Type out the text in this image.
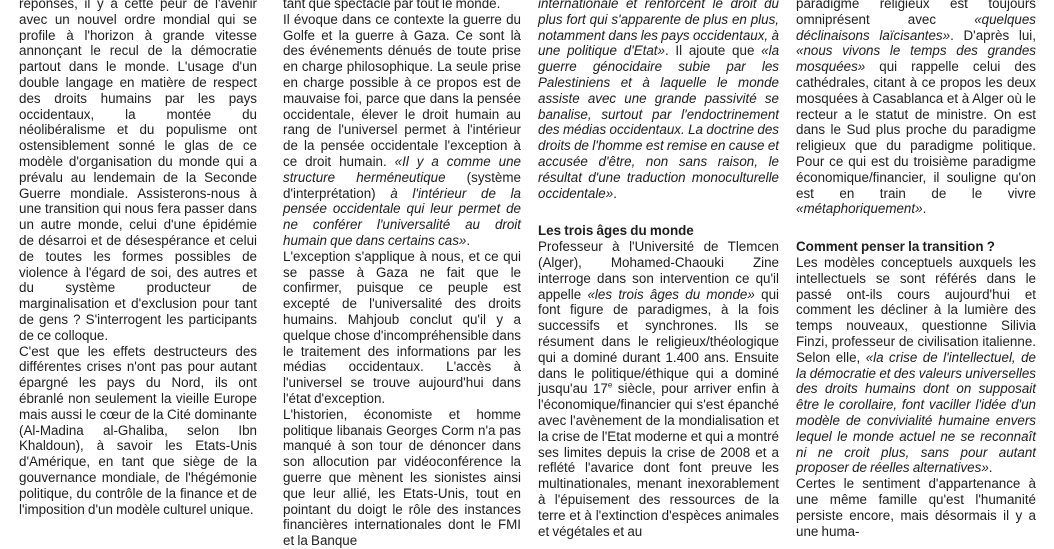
réponses, il y a cette peur de l'avenir avec un nouvel ordre mondial qui se profile à l'horizon à grande vitesse annonçant le recul de la démocratie partout dans le monde. L'usage d'un double langage en matière de respect des droits humains par les pays occidentaux, la montée du néolibéralisme et du populisme ont ostensiblement sonné le glas de ce modèle d'organisation du monde qui a prévalu au lendemain de la Seconde Guerre mondiale. Assisterons-nous à une transition qui nous fera passer dans un autre monde, celui d'une épidémie de désarroi et de désespérance et celui de toutes les formes possibles de violence à l'égard de soi, des autres et du système producteur de marginalisation et d'exclusion pour tant de gens ? S'interrogent les participants de ce colloque.

C'est que les effets destructeurs des différentes crises n'ont pas pour autant épargné les pays du Nord, ils ont ébranlé non seulement la vieille Europe mais aussi le cœur de la Cité dominante (Al-Madina al-Ghaliba, selon Ibn Khaldoun), à savoir les Etats-Unis d'Amérique, en tant que siège de la gouvernance mondiale, de l'hégémonie politique, du contrôle de la finance et de l'imposition d'un modèle culturel unique.

tant que spectacle par tout le monde.

Il évoque dans ce contexte la guerre du Golfe et la guerre à Gaza. Ce sont là des événements dénués de toute prise en charge philosophique. La seule prise en charge possible à ce propos est de mauvaise foi, parce que dans la pensée occidentale, élever le droit humain au rang de l'universel permet à l'intérieur de la pensée occidentale l'exception à ce droit humain. «Il y a comme une structure herméneutique (système d'interprétation) à l'intérieur de la pensée occidentale qui leur permet de ne conférer l'universalité au droit humain que dans certains cas».

L'exception s'applique à nous, et ce qui se passe à Gaza ne fait que le confirmer, puisque ce peuple est excepté de l'universalité des droits humains. Mahjoub conclut qu'il y a quelque chose d'incompréhensible dans le traitement des informations par les médias occidentaux. L'accès à l'universel se trouve aujourd'hui dans l'état d'exception.

L'historien, économiste et homme politique libanais Georges Corm n'a pas manqué à son tour de dénoncer dans son allocution par vidéoconférence la guerre que mènent les sionistes ainsi que leur allié, les Etats-Unis, tout en pointant du doigt le rôle des instances financières internationales dont le FMI et la Banque

internationale et renforcent le droit du plus fort qui s'apparente de plus en plus, notamment dans les pays occidentaux, à une politique d'Etat». Il ajoute que «la guerre génocidaire subie par les Palestiniens et à laquelle le monde assiste avec une grande passivité se banalise, surtout par l'endoctrinement des médias occidentaux. La doctrine des droits de l'homme est remise en cause et accusée d'être, non sans raison, le résultat d'une traduction monoculturelle occidentale».

Les trois âges du monde

Professeur à l'Université de Tlemcen (Alger), Mohamed-Chaouki Zine interroge dans son intervention ce qu'il appelle «les trois âges du monde» qui font figure de paradigmes, à la fois successifs et synchrones. Ils se résument dans le religieux/théologique qui a dominé durant 1.400 ans. Ensuite dans le politique/éthique qui a dominé jusqu'au 17e siècle, pour arriver enfin à l'économique/financier qui s'est épanché avec l'avènement de la mondialisation et la crise de l'Etat moderne et qui a montré ses limites depuis la crise de 2008 et a reflété l'avarice dont font preuve les multinationales, menant inexorablement à l'épuisement des ressources de la terre et à l'extinction d'espèces animales et végétales et au

paradigme religieux est toujours omniprésent avec «quelques déclinaisons laïcisantes». D'après lui, «nous vivons le temps des grandes mosquées» qui rappelle celui des cathédrales, citant à ce propos les deux mosquées à Casablanca et à Alger où le recteur a le statut de ministre. On est dans le Sud plus proche du paradigme religieux que du paradigme politique. Pour ce qui est du troisième paradigme économique/financier, il souligne qu'on est en train de le vivre «métaphoriquement».

Comment penser la transition ?

Les modèles conceptuels auxquels les intellectuels se sont référés dans le passé ont-ils cours aujourd'hui et comment les décliner à la lumière des temps nouveaux, questionne Silivia Finzi, professeur de civilisation italienne. Selon elle, «la crise de l'intellectuel, de la démocratie et des valeurs universelles des droits humains dont on supposait être le corollaire, font vaciller l'idée d'un modèle de convivialité humaine envers lequel le monde actuel ne se reconnaît ni ne croit plus, sans pour autant proposer de réelles alternatives».

Certes le sentiment d'appartenance à une même famille qu'est l'humanité persiste encore, mais désormais il y a une huma-
